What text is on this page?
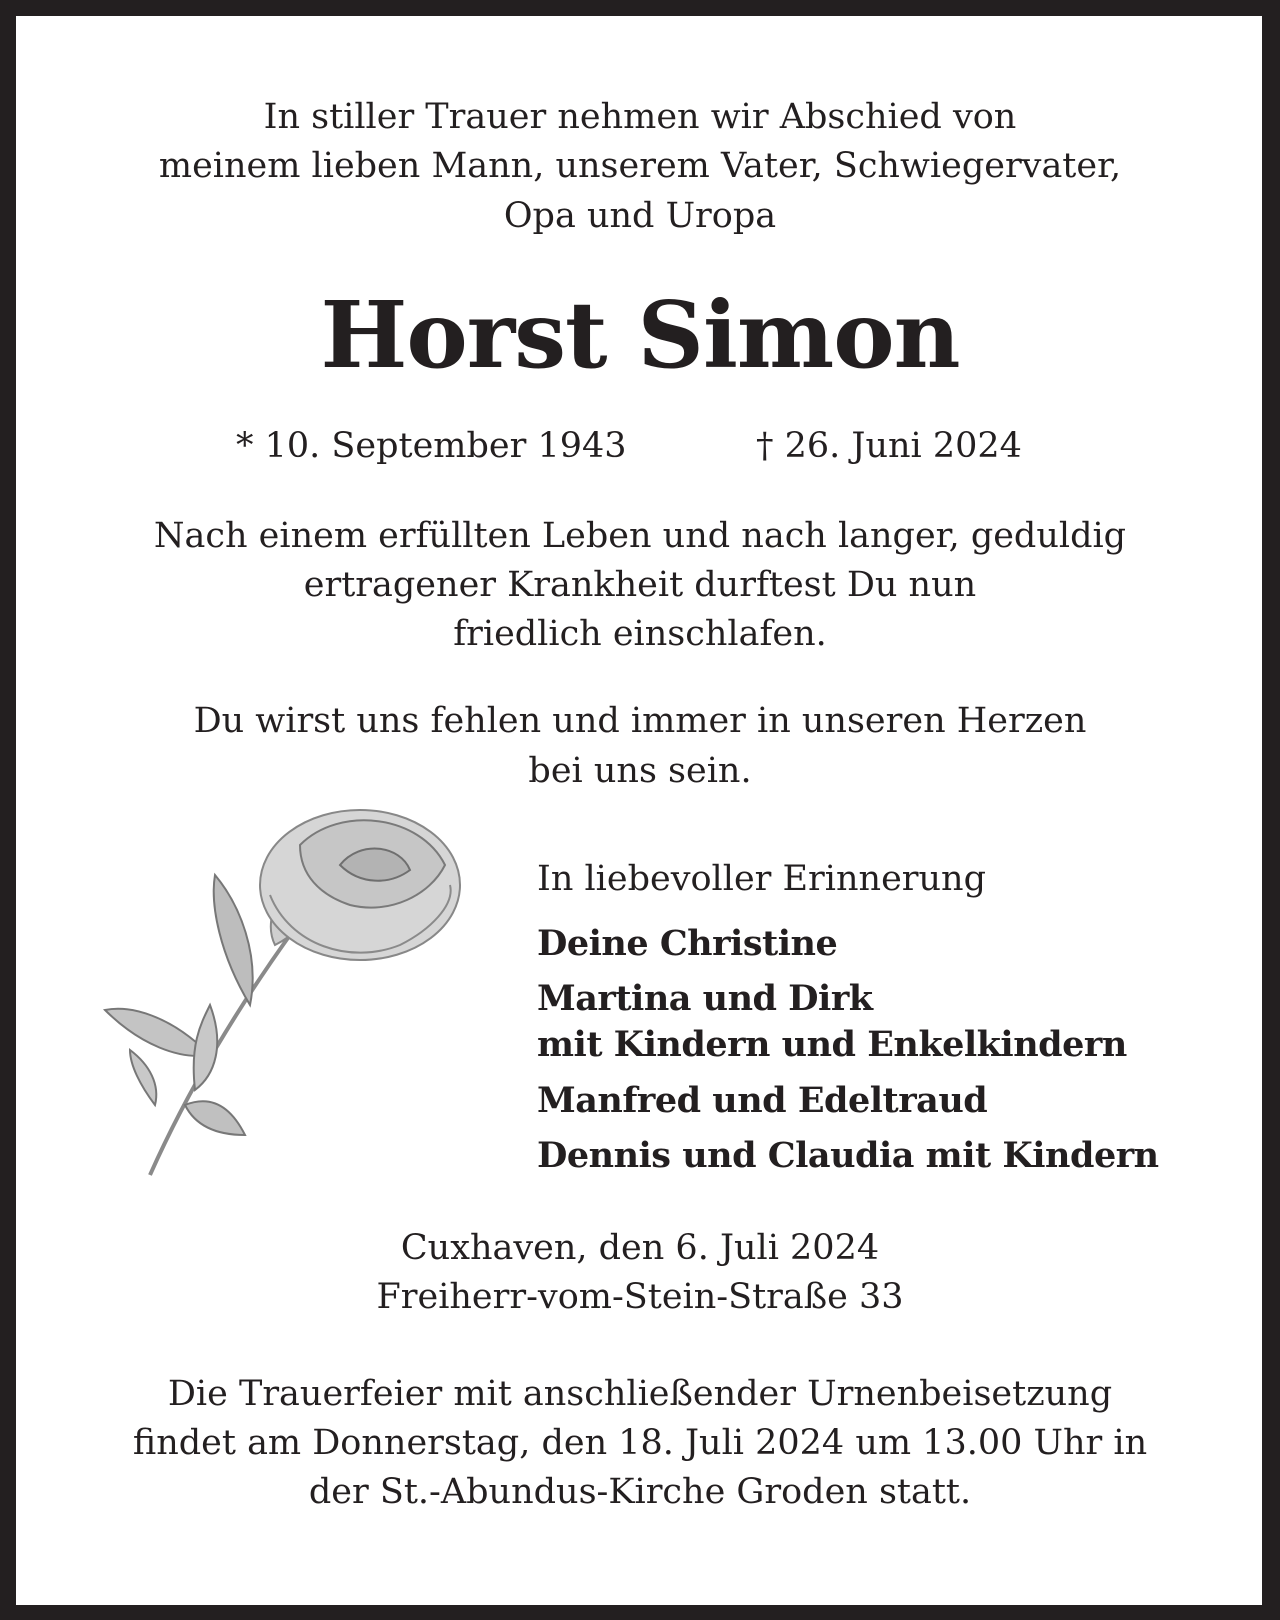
In stiller Trauer nehmen wir Abschied von
meinem lieben Mann, unserem Vater, Schwiegervater,
Opa und Uropa
Horst Simon
* 10. September 1943	† 26. Juni 2024
Nach einem erfüllten Leben und nach langer, geduldig
ertragener Krankheit durftest Du nun
friedlich einschlafen.
Du wirst uns fehlen und immer in unseren Herzen
bei uns sein.
In liebevoller Erinnerung
Deine Christine
Martina und Dirk
mit Kindern und Enkelkindern
Manfred und Edeltraud
Dennis und Claudia mit Kindern
Cuxhaven, den 6. Juli 2024
Freiherr-vom-Stein-Straße 33
Die Trauerfeier mit anschließender Urnenbeisetzung
findet am Donnerstag, den 18. Juli 2024 um 13.00 Uhr in
der St.-Abundus-Kirche Groden statt.
